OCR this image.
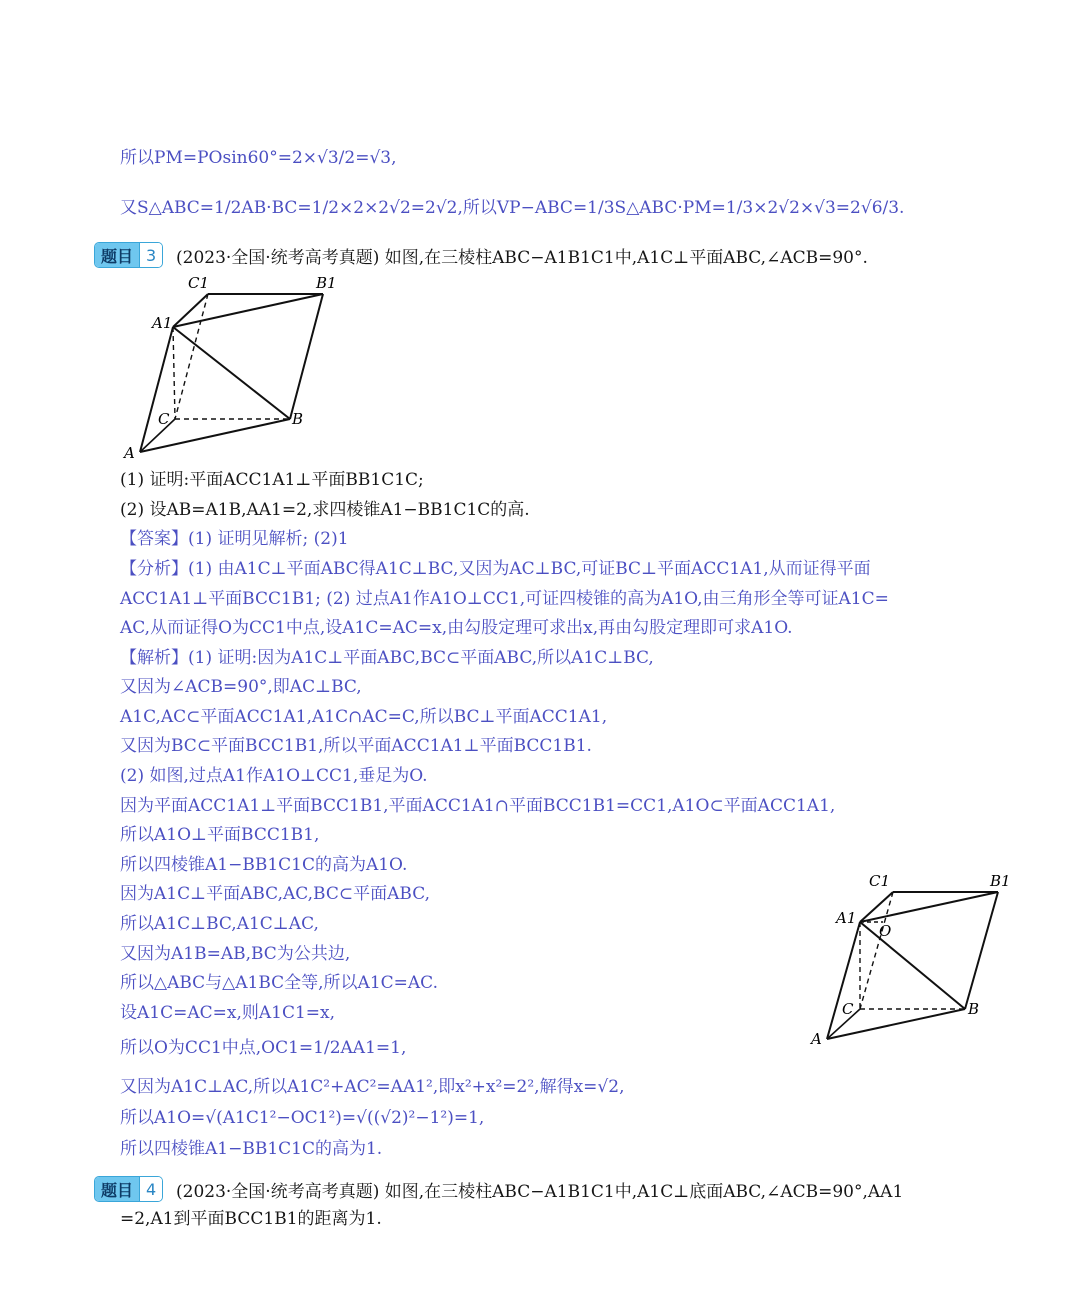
所以PM=POsin60°=2×√3/2=√3,
又S△ABC=1/2AB·BC=1/2×2×2√2=2√2,所以VP−ABC=1/3S△ABC·PM=1/3×2√2×√3=2√6/3.
题目 3	(2023·全国·统考高考真题) 如图,在三棱柱ABC−A1B1C1中,A1C⊥平面ABC,∠ACB=90°.
C1	B1
A1
C	B
A
(1) 证明:平面ACC1A1⊥平面BB1C1C;
(2) 设AB=A1B,AA1=2,求四棱锥A1−BB1C1C的高.
【答案】(1) 证明见解析; (2)1
【分析】(1) 由A1C⊥平面ABC得A1C⊥BC,又因为AC⊥BC,可证BC⊥平面ACC1A1,从而证得平面
ACC1A1⊥平面BCC1B1; (2) 过点A1作A1O⊥CC1,可证四棱锥的高为A1O,由三角形全等可证A1C=
AC,从而证得O为CC1中点,设A1C=AC=x,由勾股定理可求出x,再由勾股定理即可求A1O.
【解析】(1) 证明:因为A1C⊥平面ABC,BC⊂平面ABC,所以A1C⊥BC,
又因为∠ACB=90°,即AC⊥BC,
A1C,AC⊂平面ACC1A1,A1C∩AC=C,所以BC⊥平面ACC1A1,
又因为BC⊂平面BCC1B1,所以平面ACC1A1⊥平面BCC1B1.
(2) 如图,过点A1作A1O⊥CC1,垂足为O.
因为平面ACC1A1⊥平面BCC1B1,平面ACC1A1∩平面BCC1B1=CC1,A1O⊂平面ACC1A1,
所以A1O⊥平面BCC1B1,
所以四棱锥A1−BB1C1C的高为A1O.
因为A1C⊥平面ABC,AC,BC⊂平面ABC,
所以A1C⊥BC,A1C⊥AC,
又因为A1B=AB,BC为公共边,
所以△ABC与△A1BC全等,所以A1C=AC.
设A1C=AC=x,则A1C1=x,
所以O为CC1中点,OC1=1/2AA1=1,
又因为A1C⊥AC,所以A1C²+AC²=AA1²,即x²+x²=2²,解得x=√2,
所以A1O=√(A1C1²−OC1²)=√((√2)²−1²)=1,
所以四棱锥A1−BB1C1C的高为1.
C1	B1
A1
O
C	B
A
题目 4	(2023·全国·统考高考真题) 如图,在三棱柱ABC−A1B1C1中,A1C⊥底面ABC,∠ACB=90°,AA1
=2,A1到平面BCC1B1的距离为1.
